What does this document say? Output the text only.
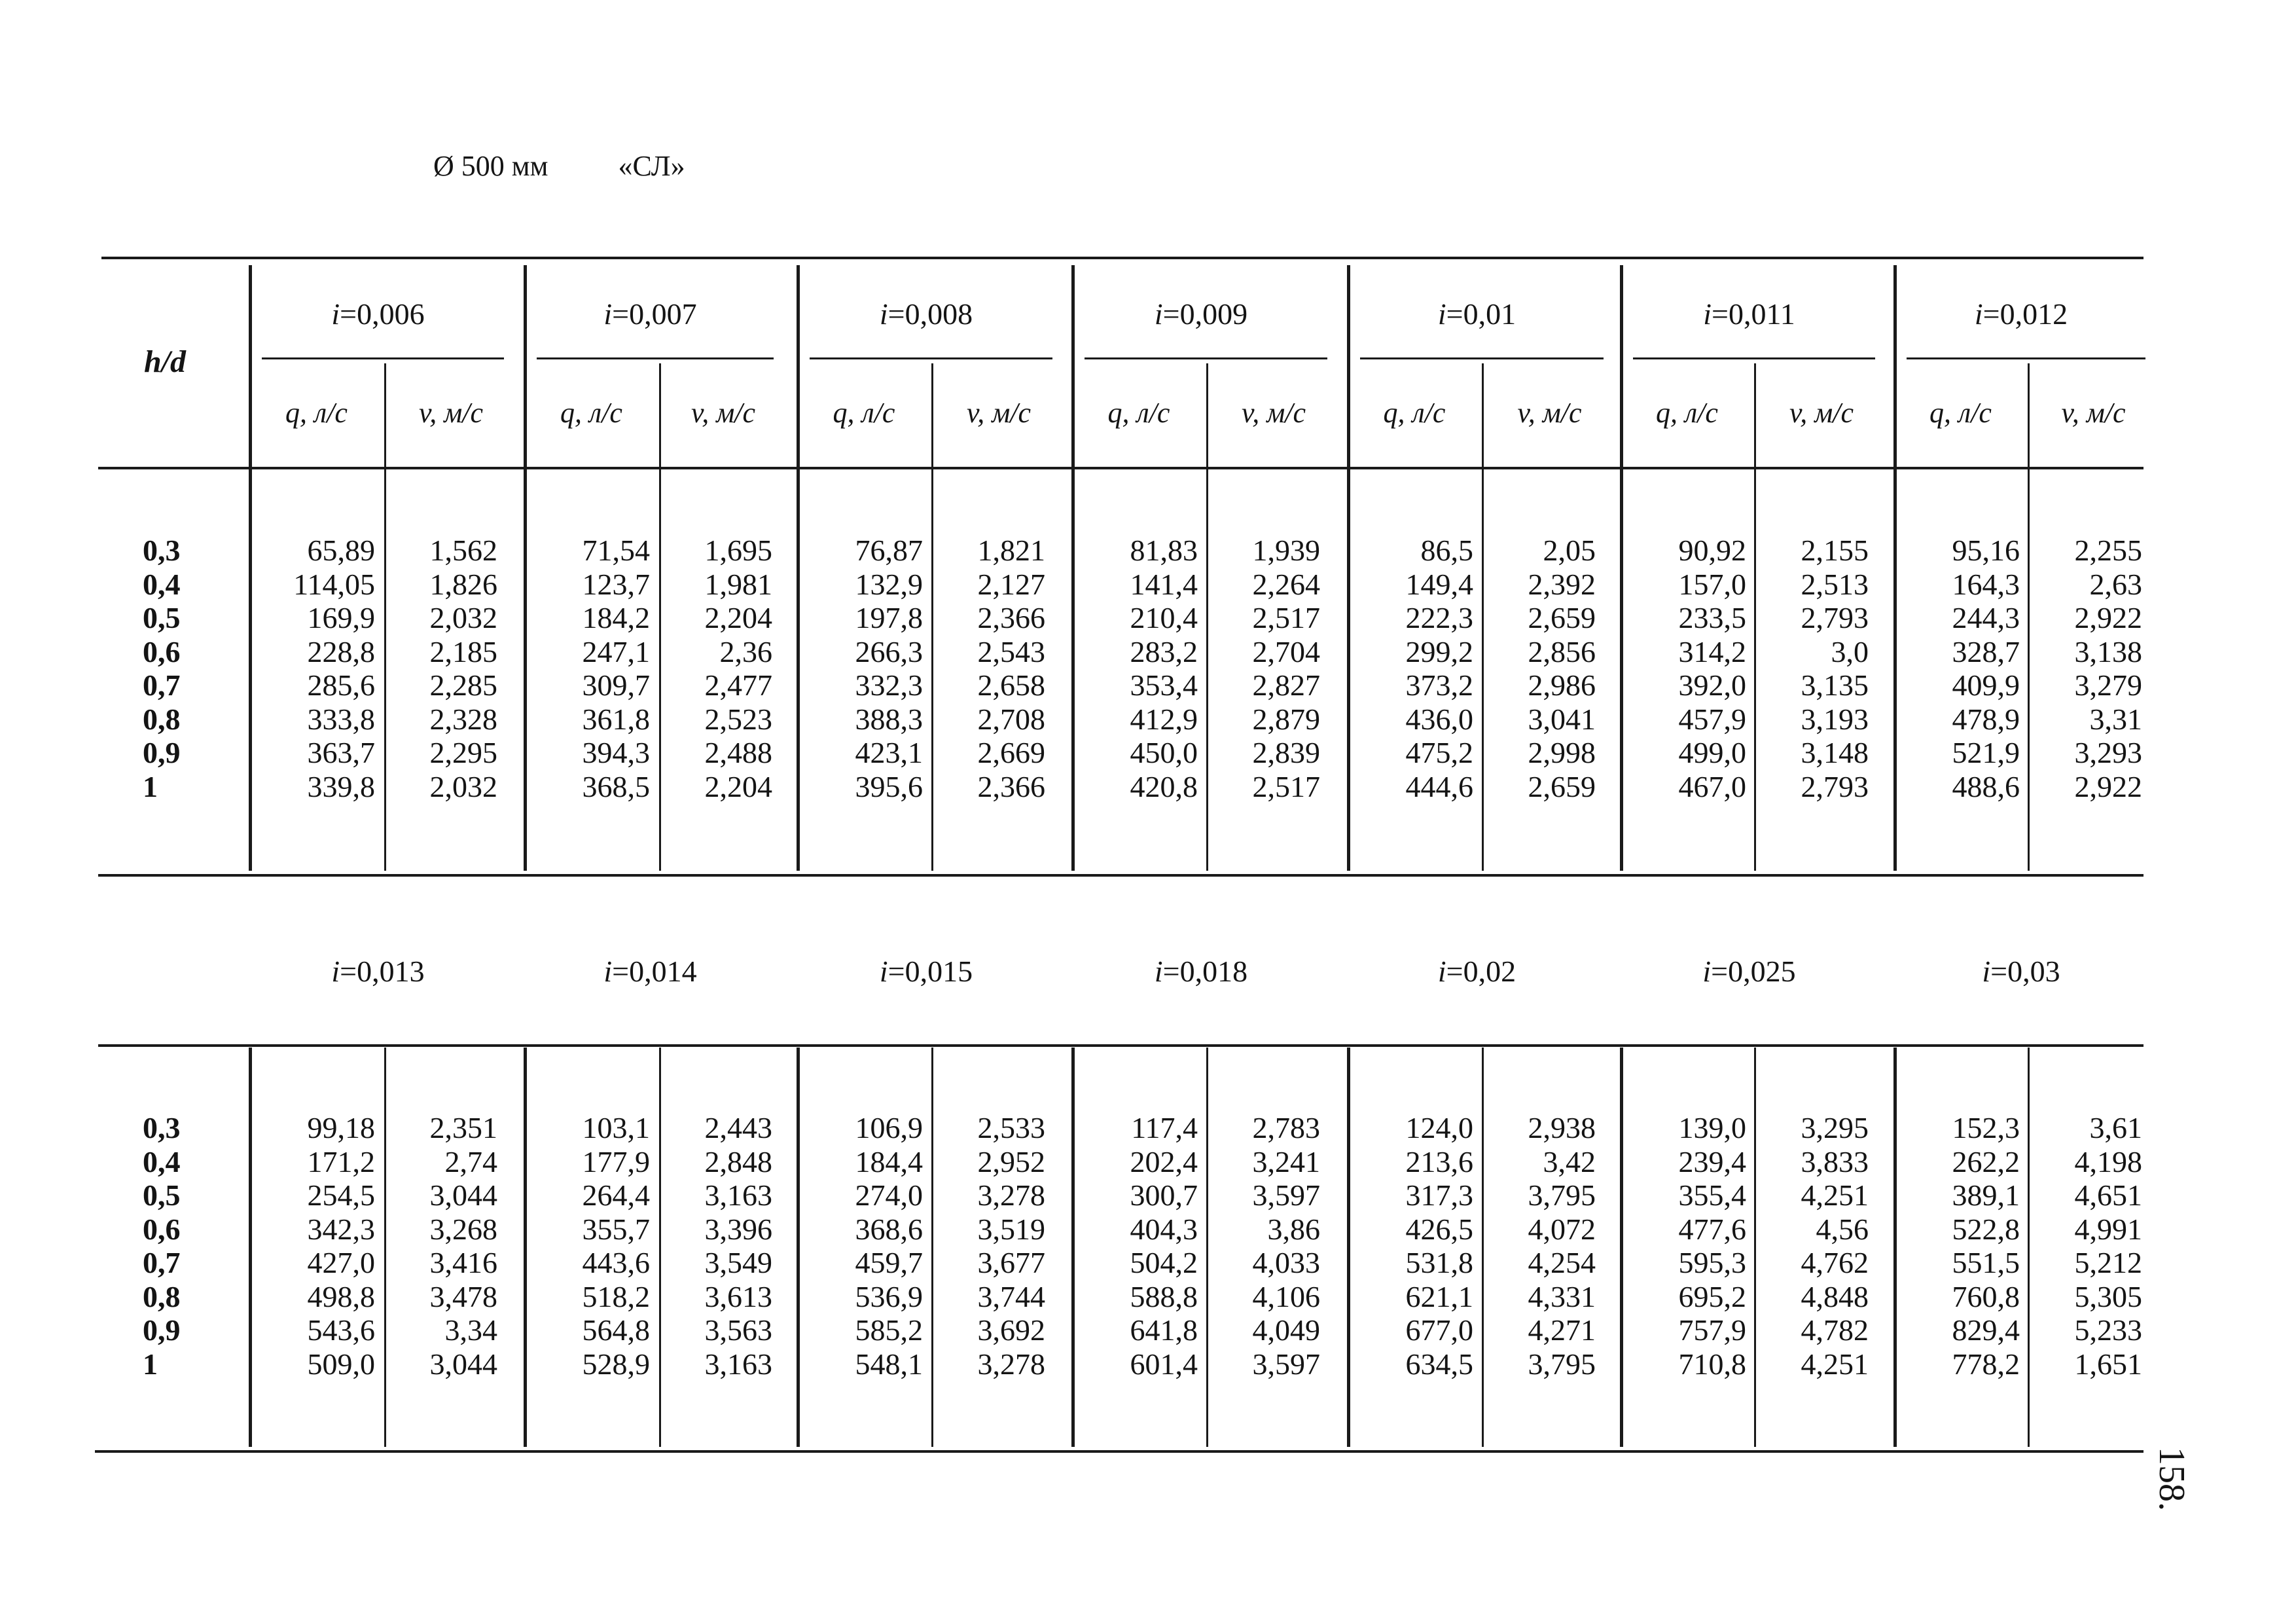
Ø 500 мм «СЛ»
h/d
0,3
0,4
0,5
0,6
0,7
0,8
0,9
1
i=0,006
q, л/с v, м/с
65,89
114,05
169,9
228,8
285,6
333,8
363,7
339,8
1,562
1,826
2,032
2,185
2,285
2,328
2,295
2,032
i=0,007
q, л/с v, м/с
71,54
123,7
184,2
247,1
309,7
361,8
394,3
368,5
1,695
1,981
2,204
2,36
2,477
2,523
2,488
2,204
i=0,008
q, л/с v, м/с
76,87
132,9
197,8
266,3
332,3
388,3
423,1
395,6
1,821
2,127
2,366
2,543
2,658
2,708
2,669
2,366
i=0,009
q, л/с v, м/с
81,83
141,4
210,4
283,2
353,4
412,9
450,0
420,8
1,939
2,264
2,517
2,704
2,827
2,879
2,839
2,517
i=0,01
q, л/с v, м/с
86,5
149,4
222,3
299,2
373,2
436,0
475,2
444,6
2,05
2,392
2,659
2,856
2,986
3,041
2,998
2,659
i=0,011
q, л/с v, м/с
90,92
157,0
233,5
314,2
392,0
457,9
499,0
467,0
2,155
2,513
2,793
3,0
3,135
3,193
3,148
2,793
i=0,012
q, л/с v, м/с
95,16
164,3
244,3
328,7
409,9
478,9
521,9
488,6
2,255
2,63
2,922
3,138
3,279
3,31
3,293
2,922
0,3
0,4
0,5
0,6
0,7
0,8
0,9
1
i=0,013
99,18
171,2
254,5
342,3
427,0
498,8
543,6
509,0
2,351
2,74
3,044
3,268
3,416
3,478
3,34
3,044
i=0,014
103,1
177,9
264,4
355,7
443,6
518,2
564,8
528,9
2,443
2,848
3,163
3,396
3,549
3,613
3,563
3,163
i=0,015
106,9
184,4
274,0
368,6
459,7
536,9
585,2
548,1
2,533
2,952
3,278
3,519
3,677
3,744
3,692
3,278
i=0,018
117,4
202,4
300,7
404,3
504,2
588,8
641,8
601,4
2,783
3,241
3,597
3,86
4,033
4,106
4,049
3,597
i=0,02
124,0
213,6
317,3
426,5
531,8
621,1
677,0
634,5
2,938
3,42
3,795
4,072
4,254
4,331
4,271
3,795
i=0,025
139,0
239,4
355,4
477,6
595,3
695,2
757,9
710,8
3,295
3,833
4,251
4,56
4,762
4,848
4,782
4,251
i=0,03
152,3
262,2
389,1
522,8
551,5
760,8
829,4
778,2
3,61
4,198
4,651
4,991
5,212
5,305
5,233
1,651
158.
